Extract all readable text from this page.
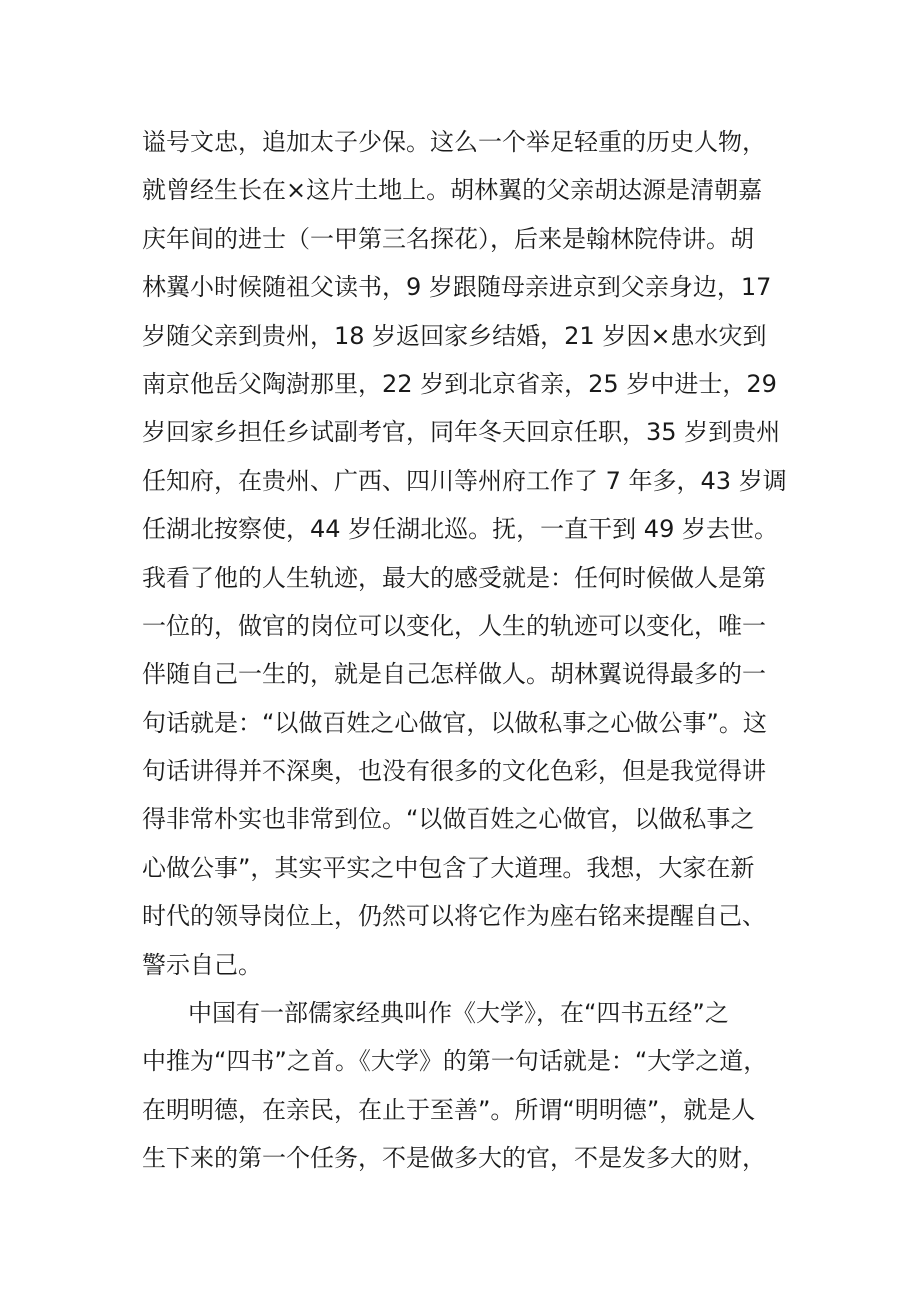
谥号文忠，追加太子少保。这么一个举足轻重的历史人物，
就曾经生长在×这片土地上。胡林翼的父亲胡达源是清朝嘉
庆年间的进士（一甲第三名探花），后来是翰林院侍讲。胡
林翼小时候随祖父读书，9 岁跟随母亲进京到父亲身边，17
岁随父亲到贵州，18 岁返回家乡结婚，21 岁因×患水灾到
南京他岳父陶澍那里，22 岁到北京省亲，25 岁中进士，29
岁回家乡担任乡试副考官，同年冬天回京任职，35 岁到贵州
任知府，在贵州、广西、四川等州府工作了 7 年多，43 岁调
任湖北按察使，44 岁任湖北巡。抚，一直干到 49 岁去世。
我看了他的人生轨迹，最大的感受就是：任何时候做人是第
一位的，做官的岗位可以变化，人生的轨迹可以变化，唯一
伴随自己一生的，就是自己怎样做人。胡林翼说得最多的一
句话就是：“以做百姓之心做官，以做私事之心做公事”。这
句话讲得并不深奥，也没有很多的文化色彩，但是我觉得讲
得非常朴实也非常到位。“以做百姓之心做官，以做私事之
心做公事”，其实平实之中包含了大道理。我想，大家在新
时代的领导岗位上，仍然可以将它作为座右铭来提醒自己、
警示自己。
中国有一部儒家经典叫作《大学》，在“四书五经”之
中推为“四书”之首。《大学》的第一句话就是：“大学之道，
在明明德，在亲民，在止于至善”。所谓“明明德”，就是人
生下来的第一个任务，不是做多大的官，不是发多大的财，
